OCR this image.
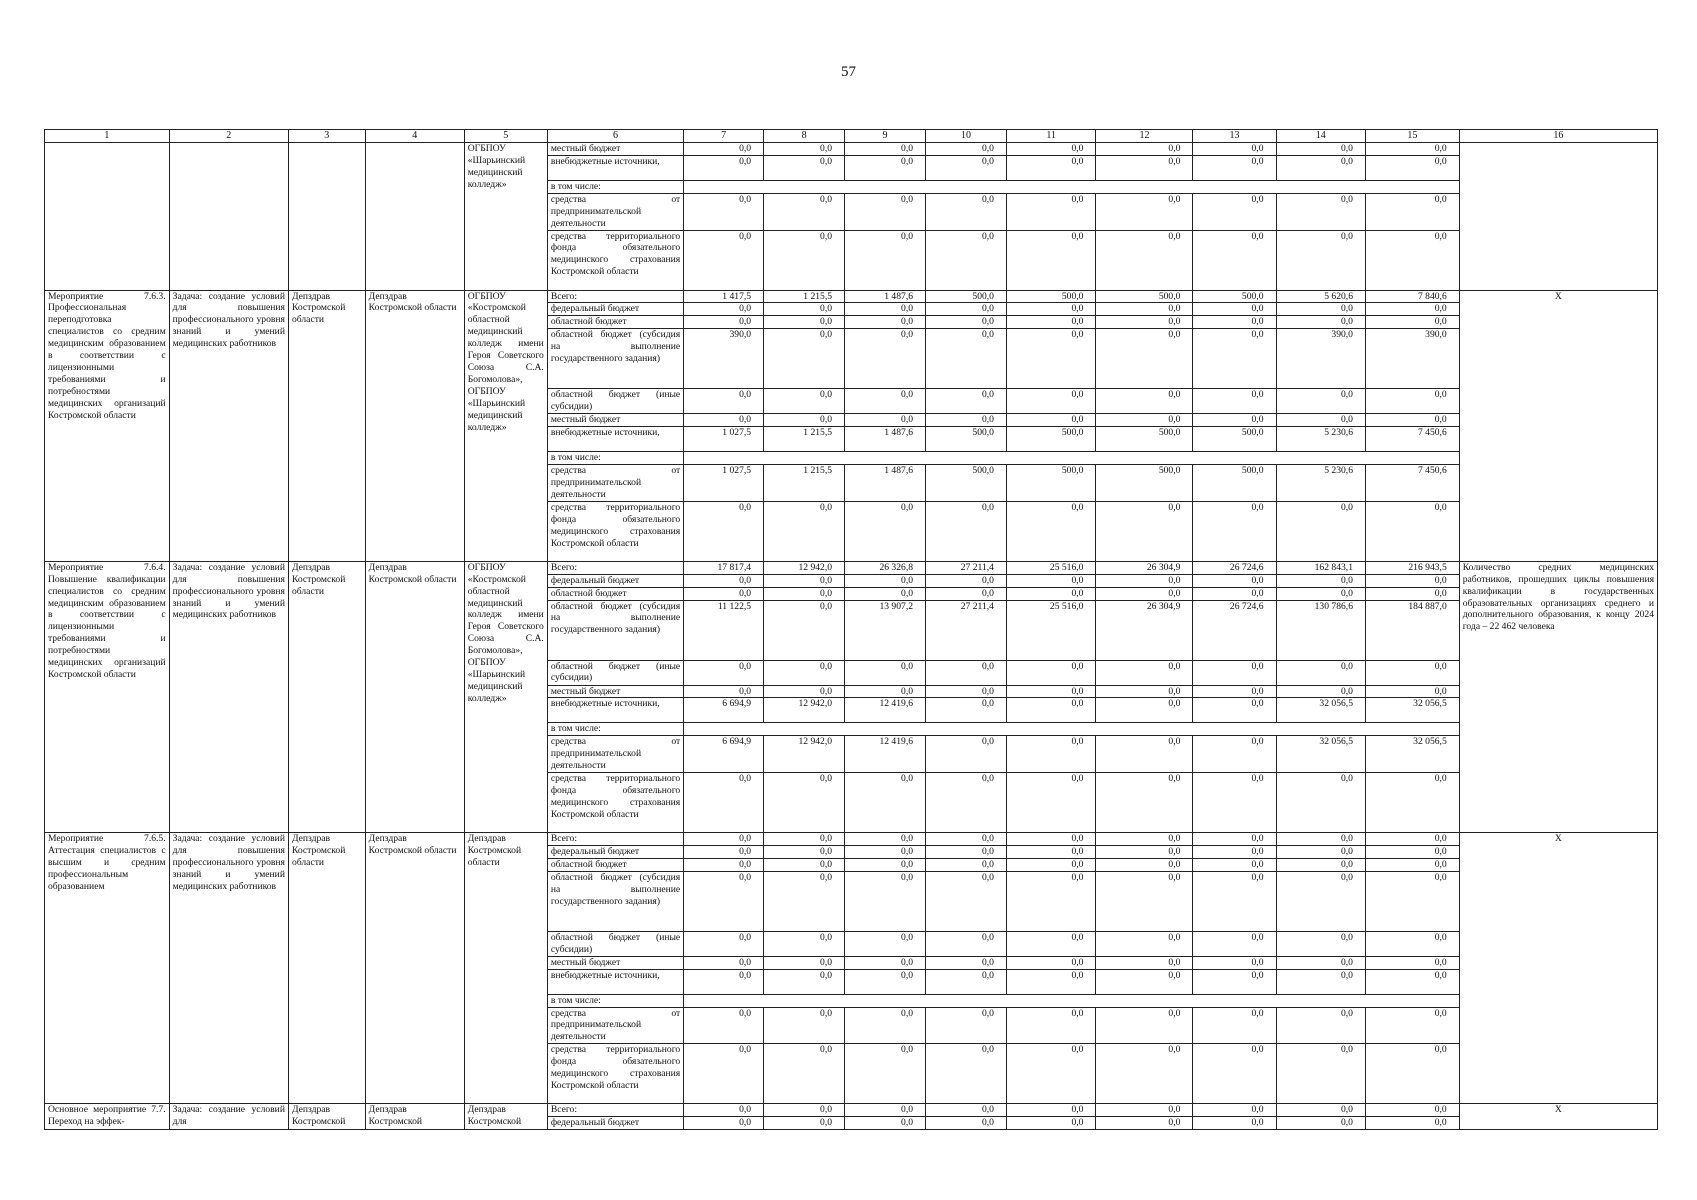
57
1	2	3	4	5	6	7	8	9	10	11	12	13	14	15	16
				ОГБПОУ «Шарьинский медицинский колледж»	местный бюджет	0,0	0,0	0,0	0,0	0,0	0,0	0,0	0,0	0,0	
					внебюджетные источники,	0,0	0,0	0,0	0,0	0,0	0,0	0,0	0,0	0,0	
					в том числе:										
					средства от предпринимательской деятельности	0,0	0,0	0,0	0,0	0,0	0,0	0,0	0,0	0,0	
					средства территориального фонда обязательного медицинского страхования Костромской области	0,0	0,0	0,0	0,0	0,0	0,0	0,0	0,0	0,0	
Мероприятие 7.6.3. Профессиональная переподготовка специалистов со средним медицинским образованием в соответствии с лицензионными требованиями и потребностями медицинских организаций Костромской области	Задача: создание условий для повышения профессионального уровня знаний и умений медицинских работников	Депздрав Костромской области	Депздрав Костромской области	ОГБПОУ «Костромской областной медицинский колледж имени Героя Советского Союза С.А. Богомолова», ОГБПОУ «Шарьинский медицинский колледж»	Всего:	1 417,5	1 215,5	1 487,6	500,0	500,0	500,0	500,0	5 620,6	7 840,6	X
					федеральный бюджет	0,0	0,0	0,0	0,0	0,0	0,0	0,0	0,0	0,0	
					областной бюджет	0,0	0,0	0,0	0,0	0,0	0,0	0,0	0,0	0,0	
					областной бюджет (субсидия на выполнение государственного задания)	390,0	0,0	0,0	0,0	0,0	0,0	0,0	390,0	390,0	
					областной бюджет (иные субсидии)	0,0	0,0	0,0	0,0	0,0	0,0	0,0	0,0	0,0	
					местный бюджет	0,0	0,0	0,0	0,0	0,0	0,0	0,0	0,0	0,0	
					внебюджетные источники,	1 027,5	1 215,5	1 487,6	500,0	500,0	500,0	500,0	5 230,6	7 450,6	
					в том числе:										
					средства от предпринимательской деятельности	1 027,5	1 215,5	1 487,6	500,0	500,0	500,0	500,0	5 230,6	7 450,6	
					средства территориального фонда обязательного медицинского страхования Костромской области	0,0	0,0	0,0	0,0	0,0	0,0	0,0	0,0	0,0	
Мероприятие 7.6.4. Повышение квалификации специалистов со средним медицинским образованием в соответствии с лицензионными требованиями и потребностями медицинских организаций Костромской области	Задача: создание условий для повышения профессионального уровня знаний и умений медицинских работников	Депздрав Костромской области	Депздрав Костромской области	ОГБПОУ «Костромской областной медицинский колледж имени Героя Советского Союза С.А. Богомолова», ОГБПОУ «Шарьинский медицинский колледж»	Всего:	17 817,4	12 942,0	26 326,8	27 211,4	25 516,0	26 304,9	26 724,6	162 843,1	216 943,5	Количество средних медицинских работников, прошедших циклы повышения квалификации в государственных образовательных организациях среднего и дополнительного образования, к концу 2024 года – 22 462 человека
					федеральный бюджет	0,0	0,0	0,0	0,0	0,0	0,0	0,0	0,0	0,0	
					областной бюджет	0,0	0,0	0,0	0,0	0,0	0,0	0,0	0,0	0,0	
					областной бюджет (субсидия на выполнение государственного задания)	11 122,5	0,0	13 907,2	27 211,4	25 516,0	26 304,9	26 724,6	130 786,6	184 887,0	
					областной бюджет (иные субсидии)	0,0	0,0	0,0	0,0	0,0	0,0	0,0	0,0	0,0	
					местный бюджет	0,0	0,0	0,0	0,0	0,0	0,0	0,0	0,0	0,0	
					внебюджетные источники,	6 694,9	12 942,0	12 419,6	0,0	0,0	0,0	0,0	32 056,5	32 056,5	
					в том числе:										
					средства от предпринимательской деятельности	6 694,9	12 942,0	12 419,6	0,0	0,0	0,0	0,0	32 056,5	32 056,5	
					средства территориального фонда обязательного медицинского страхования Костромской области	0,0	0,0	0,0	0,0	0,0	0,0	0,0	0,0	0,0	
Мероприятие 7.6.5. Аттестация специалистов с высшим и средним профессиональным образованием	Задача: создание условий для повышения профессионального уровня знаний и умений медицинских работников	Депздрав Костромской области	Депздрав Костромской области	Депздрав Костромской области	Всего:	0,0	0,0	0,0	0,0	0,0	0,0	0,0	0,0	0,0	X
					федеральный бюджет	0,0	0,0	0,0	0,0	0,0	0,0	0,0	0,0	0,0	
					областной бюджет	0,0	0,0	0,0	0,0	0,0	0,0	0,0	0,0	0,0	
					областной бюджет (субсидия на выполнение государственного задания)	0,0	0,0	0,0	0,0	0,0	0,0	0,0	0,0	0,0	
					областной бюджет (иные субсидии)	0,0	0,0	0,0	0,0	0,0	0,0	0,0	0,0	0,0	
					местный бюджет	0,0	0,0	0,0	0,0	0,0	0,0	0,0	0,0	0,0	
					внебюджетные источники,	0,0	0,0	0,0	0,0	0,0	0,0	0,0	0,0	0,0	
					в том числе:										
					средства от предпринимательской деятельности	0,0	0,0	0,0	0,0	0,0	0,0	0,0	0,0	0,0	
					средства территориального фонда обязательного медицинского страхования Костромской области	0,0	0,0	0,0	0,0	0,0	0,0	0,0	0,0	0,0	
Основное мероприятие 7.7. Переход на эффек-	Задача: создание условий для	Депздрав Костромской	Депздрав Костромской	Депздрав Костромской	Всего:	0,0	0,0	0,0	0,0	0,0	0,0	0,0	0,0	0,0	X
					федеральный бюджет	0,0	0,0	0,0	0,0	0,0	0,0	0,0	0,0	0,0	
